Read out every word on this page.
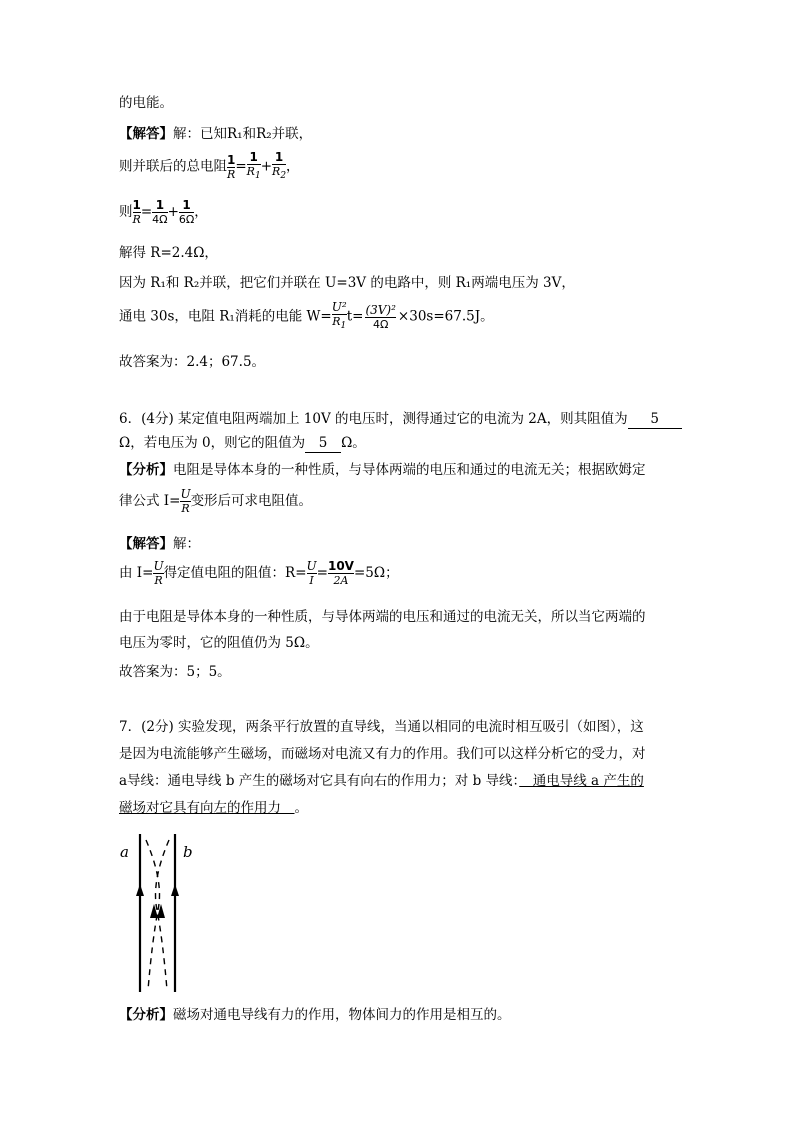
的电能。
【解答】解：已知R₁和R₂并联，
则并联后的总电阻 $\frac{1}{R} = \frac{1}{R_1} + \frac{1}{R_2}$ ，
则 $\frac{1}{R} = \frac{1}{4\Omega} + \frac{1}{6\Omega}$ ，
解得 R=2.4Ω，
因为 R₁和 R₂并联，把它们并联在 U=3V 的电路中，则 R₁两端电压为 3V，
通电 30s，电阻 R₁消耗的电能 $W= \frac{\text{U²}}{R_1} t= \frac{\text{(3V)²}}{4\Omega} \times 30s=67.5J$。
故答案为：2.4；67.5。
6．(4分) 某定值电阻两端加上 10V 的电压时，测得通过它的电流为 2A，则其阻值为 5
Ω，若电压为 0，则它的阻值为 5 Ω。
【分析】电阻是导体本身的一种性质，与导体两端的电压和通过的电流无关；根据欧姆定
律公式 $I= \frac{U}{R}$ 变形后可求电阻值。
【解答】解：
由 $I= \frac{U}{R}$ 得定值电阻的阻值：$R= \frac{U}{I} = \frac{10V}{2A} =5\Omega$；
由于电阻是导体本身的一种性质，与导体两端的电压和通过的电流无关，所以当它两端的
电压为零时，它的阻值仍为 5Ω。
故答案为：5；5。
7．(2分) 实验发现，两条平行放置的直导线，当通以相同的电流时相互吸引（如图），这
是因为电流能够产生磁场，而磁场对电流又有力的作用。我们可以这样分析它的受力，对
a导线：通电导线 b 产生的磁场对它具有向右的作用力；对 b 导线：　通电导线 a 产生的
磁场对它具有向左的作用力　。
a	b
【分析】磁场对通电导线有力的作用，物体间力的作用是相互的。
